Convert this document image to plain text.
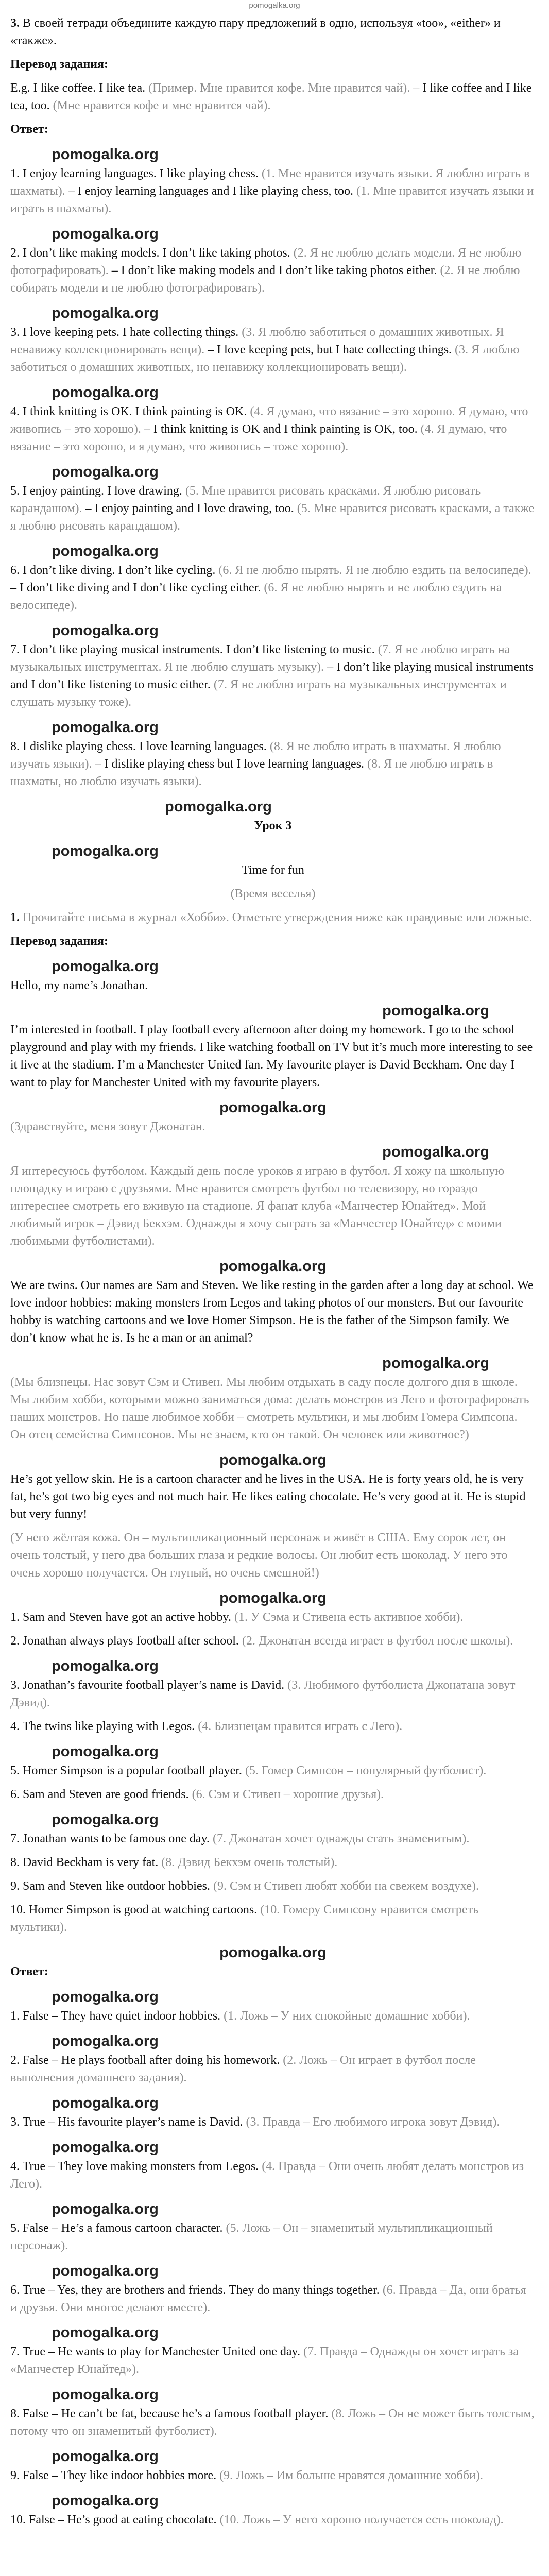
pomogalka.org

3. В своей тетради объедините каждую пару предложений в одно, используя «too», «either» и «также».

Перевод задания:

E.g. I like coffee. I like tea. (Пример. Мне нравится кофе. Мне нравится чай). – I like coffee and I like tea, too. (Мне нравится кофе и мне нравится чай).

Ответ:

pomogalka.org

1. I enjoy learning languages. I like playing chess. (1. Мне нравится изучать языки. Я люблю играть в шахматы). – I enjoy learning languages and I like playing chess, too. (1. Мне нравится изучать языки и играть в шахматы).

pomogalka.org

2. I don’t like making models. I don’t like taking photos. (2. Я не люблю делать модели. Я не люблю фотографировать). – I don’t like making models and I don’t like taking photos either. (2. Я не люблю собирать модели и не люблю фотографировать).

pomogalka.org

3. I love keeping pets. I hate collecting things. (3. Я люблю заботиться о домашних животных. Я ненавижу коллекционировать вещи). – I love keeping pets, but I hate collecting things. (3. Я люблю заботиться о домашних животных, но ненавижу коллекционировать вещи).

pomogalka.org

4. I think knitting is OK. I think painting is OK. (4. Я думаю, что вязание – это хорошо. Я думаю, что живопись – это хорошо). – I think knitting is OK and I think painting is OK, too. (4. Я думаю, что вязание – это хорошо, и я думаю, что живопись – тоже хорошо).

pomogalka.org

5. I enjoy painting. I love drawing. (5. Мне нравится рисовать красками. Я люблю рисовать карандашом). – I enjoy painting and I love drawing, too. (5. Мне нравится рисовать красками, а также я люблю рисовать карандашом).

pomogalka.org

6. I don’t like diving. I don’t like cycling. (6. Я не люблю нырять. Я не люблю ездить на велосипеде). – I don’t like diving and I don’t like cycling either. (6. Я не люблю нырять и не люблю ездить на велосипеде).

pomogalka.org

7. I don’t like playing musical instruments. I don’t like listening to music. (7. Я не люблю играть на музыкальных инструментах. Я не люблю слушать музыку). – I don’t like playing musical instruments and I don’t like listening to music either. (7. Я не люблю играть на музыкальных инструментах и слушать музыку тоже).

pomogalka.org

8. I dislike playing chess. I love learning languages. (8. Я не люблю играть в шахматы. Я люблю изучать языки). – I dislike playing chess but I love learning languages. (8. Я не люблю играть в шахматы, но люблю изучать языки).

pomogalka.org

Урок 3

pomogalka.org

Time for fun

(Время веселья)

1. Прочитайте письма в журнал «Хобби». Отметьте утверждения ниже как правдивые или ложные.

Перевод задания:

pomogalka.org

Hello, my name’s Jonathan.

pomogalka.org

I’m interested in football. I play football every afternoon after doing my homework. I go to the school playground and play with my friends. I like watching football on TV but it’s much more interesting to see it live at the stadium. I’m a Manchester United fan. My favourite player is David Beckham. One day I want to play for Manchester United with my favourite players.

pomogalka.org

(Здравствуйте, меня зовут Джонатан.

pomogalka.org

Я интересуюсь футболом. Каждый день после уроков я играю в футбол. Я хожу на школьную площадку и играю с друзьями. Мне нравится смотреть футбол по телевизору, но гораздо интереснее смотреть его вживую на стадионе. Я фанат клуба «Манчестер Юнайтед». Мой любимый игрок – Дэвид Бекхэм. Однажды я хочу сыграть за «Манчестер Юнайтед» с моими любимыми футболистами).

pomogalka.org

We are twins. Our names are Sam and Steven. We like resting in the garden after a long day at school. We love indoor hobbies: making monsters from Legos and taking photos of our monsters. But our favourite hobby is watching cartoons and we love Homer Simpson. He is the father of the Simpson family. We don’t know what he is. Is he a man or an animal?

pomogalka.org

(Мы близнецы. Нас зовут Сэм и Стивен. Мы любим отдыхать в саду после долгого дня в школе. Мы любим хобби, которыми можно заниматься дома: делать монстров из Лего и фотографировать наших монстров. Но наше любимое хобби – смотреть мультики, и мы любим Гомера Симпсона. Он отец семейства Симпсонов. Мы не знаем, кто он такой. Он человек или животное?)

pomogalka.org

He’s got yellow skin. He is a cartoon character and he lives in the USA. He is forty years old, he is very fat, he’s got two big eyes and not much hair. He likes eating chocolate. He’s very good at it. He is stupid but very funny!

(У него жёлтая кожа. Он – мультипликационный персонаж и живёт в США. Ему сорок лет, он очень толстый, у него два больших глаза и редкие волосы. Он любит есть шоколад. У него это очень хорошо получается. Он глупый, но очень смешной!)

pomogalka.org

1. Sam and Steven have got an active hobby. (1. У Сэма и Стивена есть активное хобби).

2. Jonathan always plays football after school. (2. Джонатан всегда играет в футбол после школы).

pomogalka.org

3. Jonathan’s favourite football player’s name is David. (3. Любимого футболиста Джонатана зовут Дэвид).

4. The twins like playing with Legos. (4. Близнецам нравится играть с Лего).

pomogalka.org

5. Homer Simpson is a popular football player. (5. Гомер Симпсон – популярный футболист).

6. Sam and Steven are good friends. (6. Сэм и Стивен – хорошие друзья).

pomogalka.org

7. Jonathan wants to be famous one day. (7. Джонатан хочет однажды стать знаменитым).

8. David Beckham is very fat. (8. Дэвид Бекхэм очень толстый).

9. Sam and Steven like outdoor hobbies. (9. Сэм и Стивен любят хобби на свежем воздухе).

10. Homer Simpson is good at watching cartoons. (10. Гомеру Симпсону нравится смотреть мультики).

pomogalka.org

Ответ:

pomogalka.org

1. False – They have quiet indoor hobbies. (1. Ложь – У них спокойные домашние хобби).

pomogalka.org

2. False – He plays football after doing his homework. (2. Ложь – Он играет в футбол после выполнения домашнего задания).

pomogalka.org

3. True – His favourite player’s name is David. (3. Правда – Его любимого игрока зовут Дэвид).

pomogalka.org

4. True – They love making monsters from Legos. (4. Правда – Они очень любят делать монстров из Лего).

pomogalka.org

5. False – He’s a famous cartoon character. (5. Ложь – Он – знаменитый мультипликационный персонаж).

pomogalka.org

6. True – Yes, they are brothers and friends. They do many things together. (6. Правда – Да, они братья и друзья. Они многое делают вместе).

pomogalka.org

7. True – He wants to play for Manchester United one day. (7. Правда – Однажды он хочет играть за «Манчестер Юнайтед»).

pomogalka.org

8. False – He can’t be fat, because he’s a famous football player. (8. Ложь – Он не может быть толстым, потому что он знаменитый футболист).

pomogalka.org

9. False – They like indoor hobbies more. (9. Ложь – Им больше нравятся домашние хобби).

pomogalka.org

10. False – He’s good at eating chocolate. (10. Ложь – У него хорошо получается есть шоколад).
